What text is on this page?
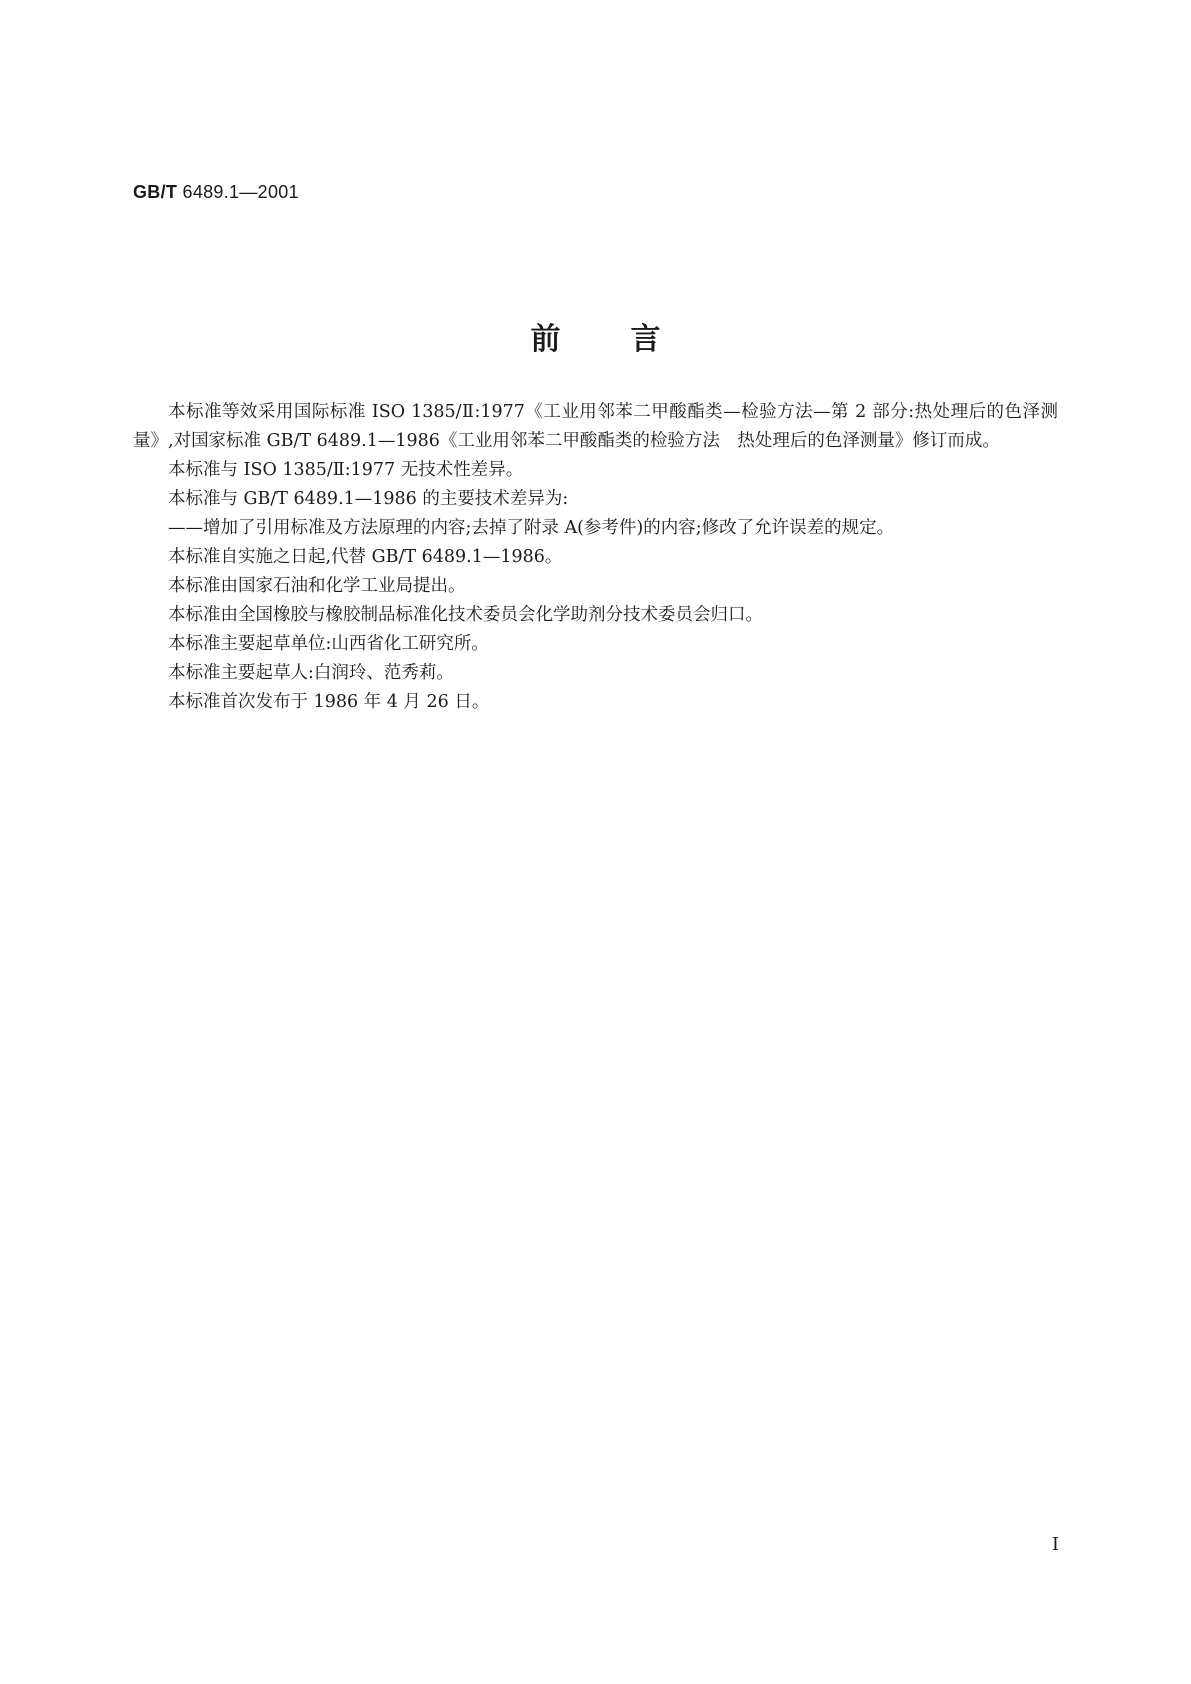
GB/T 6489.1—2001
前言

本标准等效采用国际标准 ISO 1385/Ⅱ:1977《工业用邻苯二甲酸酯类—检验方法—第 2 部分:热处理后的色泽测量》,对国家标准 GB/T 6489.1—1986《工业用邻苯二甲酸酯类的检验方法　热处理后的色泽测量》修订而成。

本标准与 ISO 1385/Ⅱ:1977 无技术性差异。

本标准与 GB/T 6489.1—1986 的主要技术差异为:

——增加了引用标准及方法原理的内容;去掉了附录 A(参考件)的内容;修改了允许误差的规定。

本标准自实施之日起,代替 GB/T 6489.1—1986。

本标准由国家石油和化学工业局提出。

本标准由全国橡胶与橡胶制品标准化技术委员会化学助剂分技术委员会归口。

本标准主要起草单位:山西省化工研究所。

本标准主要起草人:白润玲、范秀莉。

本标准首次发布于 1986 年 4 月 26 日。

I
